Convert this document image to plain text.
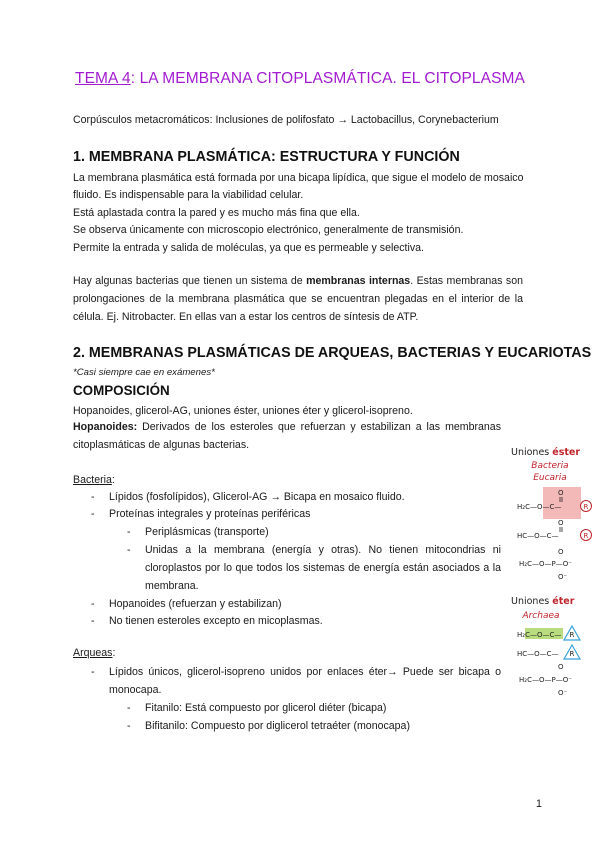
TEMA 4: LA MEMBRANA CITOPLASMÁTICA. EL CITOPLASMA
Corpúsculos metacromáticos: Inclusiones de polifosfato → Lactobacillus, Corynebacterium
1. MEMBRANA PLASMÁTICA: ESTRUCTURA Y FUNCIÓN
La membrana plasmática está formada por una bicapa lipídica, que sigue el modelo de mosaico
fluido. Es indispensable para la viabilidad celular.
Está aplastada contra la pared y es mucho más fina que ella.
Se observa únicamente con microscopio electrónico, generalmente de transmisión.
Permite la entrada y salida de moléculas, ya que es permeable y selectiva.
Hay algunas bacterias que tienen un sistema de membranas internas. Estas membranas son prolongaciones de la membrana plasmática que se encuentran plegadas en el interior de la célula. Ej. Nitrobacter. En ellas van a estar los centros de síntesis de ATP.
2. MEMBRANAS PLASMÁTICAS DE ARQUEAS, BACTERIAS Y EUCARIOTAS
*Casi siempre cae en exámenes*
COMPOSICIÓN
Hopanoides, glicerol-AG, uniones éster, uniones éter y glicerol-isopreno.
Hopanoides: Derivados de los esteroles que refuerzan y estabilizan a las membranas citoplasmáticas de algunas bacterias.
Bacteria:
- Lípidos (fosfolípidos), Glicerol-AG → Bicapa en mosaico fluido.
- Proteínas integrales y proteínas periféricas
- Periplásmicas (transporte)
- Unidas a la membrana (energía y otras). No tienen mitocondrias ni cloroplastos por lo que todos los sistemas de energía están asociados a la membrana.
- Hopanoides (refuerzan y estabilizan)
- No tienen esteroles excepto en micoplasmas.
Arqueas:
- Lípidos únicos, glicerol-isopreno unidos por enlaces éter→ Puede ser bicapa o monocapa.
- Fitanilo: Está compuesto por glicerol diéter (bicapa)
- Bifitanilo: Compuesto por diglicerol tetraéter (monocapa)
Uniones éster
Bacteria
Eucaria
O
H₂C—O—C—
O
HC—O—C—
H₂C—O—P—O⁻
O
O⁻
R
R
Uniones éter
Archaea
H₂C—O—C—
HC—O—C—
H₂C—O—P—O⁻
O
O⁻
R
R
1
